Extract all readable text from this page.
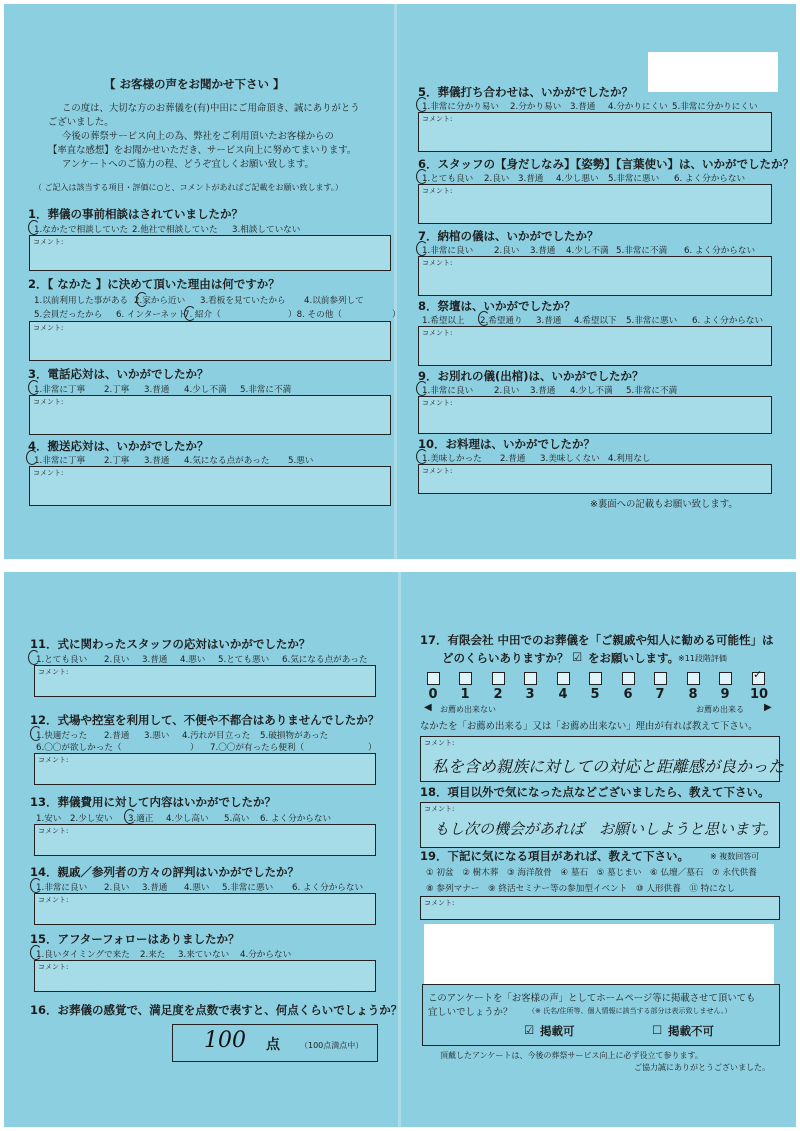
【 お客様の声をお聞かせ下さい 】
この度は、大切な方のお葬儀を(有)中田にご用命頂き、誠にありがとう
ございました。
今後の葬祭サービス向上の為、弊社をご利用頂いたお客様からの
【率直な感想】をお聞かせいただき、サービス向上に努めてまいります。
アンケートへのご協力の程、どうぞ宜しくお願い致します。
（ ご記入は該当する項目・評価に○と、コメントがあればご記載をお願い致します。）
1．葬儀の事前相談はされていましたか？
1.なかたで相談していた 2.他社で相談していた 3.相談していない
コメント:
2．【 なかた 】に決めて頂いた理由は何ですか？
1.以前利用した事がある 2.家から近い 3.看板を見ていたから 4.以前参列して
5.会員だったから 6. インターネット
7. 紹介（	）8. その他（	）
コメント:
3．電話応対は、いかがでしたか？
1.非常に丁寧 2.丁寧 3.普通 4.少し不満 5.非常に不満
コメント:
4．搬送応対は、いかがでしたか？
1.非常に丁寧 2.丁寧 3.普通 4.気になる点があった 5.悪い
コメント:
5．葬儀打ち合わせは、いかがでしたか？
1.非常に分かり易い 2.分かり易い 3.普通 4.分かりにくい 5.非常に分かりにくい
コメント:
6．スタッフの【身だしなみ】【姿勢】【言葉使い】は、いかがでしたか？
1.とても良い 2.良い 3.普通 4.少し悪い 5.非常に悪い 6. よく分からない
コメント:
7．納棺の儀は、いかがでしたか？
1.非常に良い 2.良い 3.普通 4.少し不満 5.非常に不満 6. よく分からない
コメント:
8．祭壇は、いかがでしたか？
1.希望以上 2.希望通り 3.普通 4.希望以下 5.非常に悪い 6. よく分からない
コメント:
9．お別れの儀(出棺)は、いかがでしたか？
1.非常に良い 2.良い 3.普通 4.少し不満 5.非常に不満
コメント:
10．お料理は、いかがでしたか？
1.美味しかった 2.普通 3.美味しくない 4.利用なし
コメント:
※裏面への記載もお願い致します。
11．式に関わったスタッフの応対はいかがでしたか？
1.とても良い 2.良い 3.普通 4.悪い 5.とても悪い 6.気になる点があった
コメント:
12．式場や控室を利用して、不便や不都合はありませんでしたか？
1.快適だった 2.普通 3.悪い 4.汚れが目立った 5.破損物があった
6.〇〇が欲しかった（	） 7.〇〇が有ったら便利（	）
コメント:
13．葬儀費用に対して内容はいかがでしたか？
1.安い 2.少し安い 3.適正 4.少し高い 5.高い 6. よく分からない
コメント:
14．親戚／参列者の方々の評判はいかがでしたか？
1.非常に良い 2.良い 3.普通 4.悪い 5.非常に悪い 6. よく分からない
コメント:
15．アフターフォローはありましたか？
1.良いタイミングで来た 2.来た 3.来ていない 4.分からない
コメント:
16．お葬儀の感覚で、満足度を点数で表すと、何点くらいでしょうか？
100 点	（100点満点中）
17．有限会社 中田でのお葬儀を「ご親戚や知人に勧める可能性」は
どのくらいありますか？ ☑ をお願いします。
※11段階評価
✓
0 1 2 3 4 5 6 7 8 9 10
◀ お薦め出来ない	お薦め出来る ▶
なかたを「お薦め出来る」又は「お薦め出来ない」理由が有れば教えて下さい。
コメント:
私を含め親族に対しての対応と距離感が良かった
18．項目以外で気になった点などございましたら、教えて下さい。
コメント:
もし次の機会があれば　お願いしようと思います。
19．下記に気になる項目があれば、教えて下さい。	※ 複数回答可
① 初盆　② 樹木葬　③ 海洋散骨　④ 墓石　⑤ 墓じまい　⑥ 仏壇／墓石　⑦ 永代供養
⑧ 参列マナー　⑨ 終活セミナー等の参加型イベント　⑩ 人形供養　⑪ 特になし
コメント:
このアンケートを「お客様の声」としてホームページ等に掲載させて頂いても
宜しいでしょうか？ （※ 氏名/住所等、個人情報に該当する部分は表示致しません。）
☑ 掲載可	☐ 掲載不可
頂戴したアンケートは、今後の葬祭サービス向上に必ず役立て参ります。
ご協力誠にありがとうございました。
